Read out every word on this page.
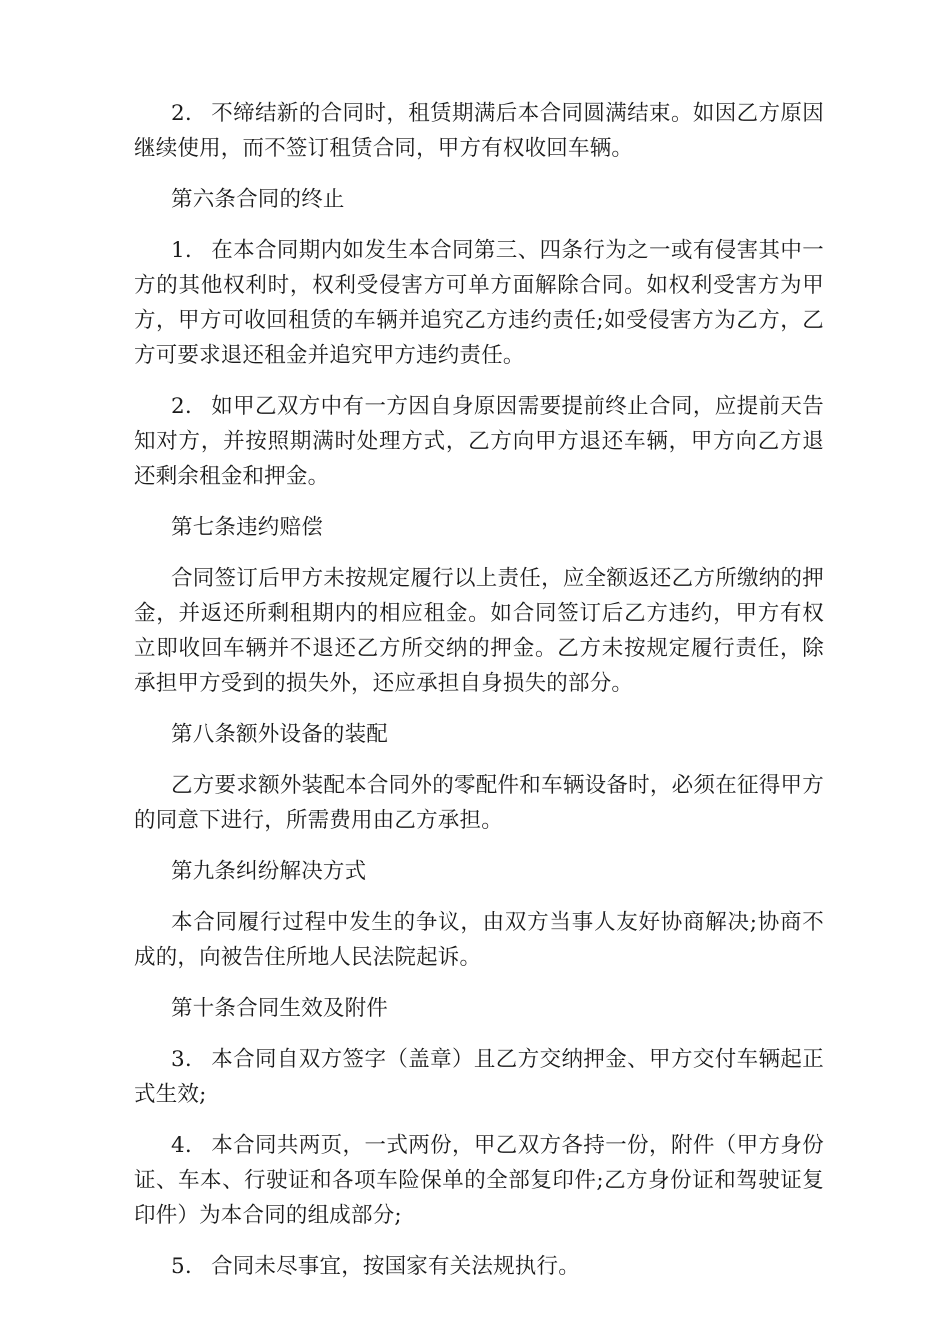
2. 不缔结新的合同时，租赁期满后本合同圆满结束。如因乙方原因继续使用，而不签订租赁合同，甲方有权收回车辆。

第六条合同的终止

1. 在本合同期内如发生本合同第三、四条行为之一或有侵害其中一方的其他权利时，权利受侵害方可单方面解除合同。如权利受害方为甲方，甲方可收回租赁的车辆并追究乙方违约责任;如受侵害方为乙方，乙方可要求退还租金并追究甲方违约责任。

2. 如甲乙双方中有一方因自身原因需要提前终止合同，应提前天告知对方，并按照期满时处理方式，乙方向甲方退还车辆，甲方向乙方退还剩余租金和押金。

第七条违约赔偿

合同签订后甲方未按规定履行以上责任，应全额返还乙方所缴纳的押金，并返还所剩租期内的相应租金。如合同签订后乙方违约，甲方有权立即收回车辆并不退还乙方所交纳的押金。乙方未按规定履行责任，除承担甲方受到的损失外，还应承担自身损失的部分。

第八条额外设备的装配

乙方要求额外装配本合同外的零配件和车辆设备时，必须在征得甲方的同意下进行，所需费用由乙方承担。

第九条纠纷解决方式

本合同履行过程中发生的争议，由双方当事人友好协商解决;协商不成的，向被告住所地人民法院起诉。

第十条合同生效及附件

3. 本合同自双方签字（盖章）且乙方交纳押金、甲方交付车辆起正式生效;

4. 本合同共两页，一式两份，甲乙双方各持一份，附件（甲方身份证、车本、行驶证和各项车险保单的全部复印件;乙方身份证和驾驶证复印件）为本合同的组成部分;

5. 合同未尽事宜，按国家有关法规执行。
